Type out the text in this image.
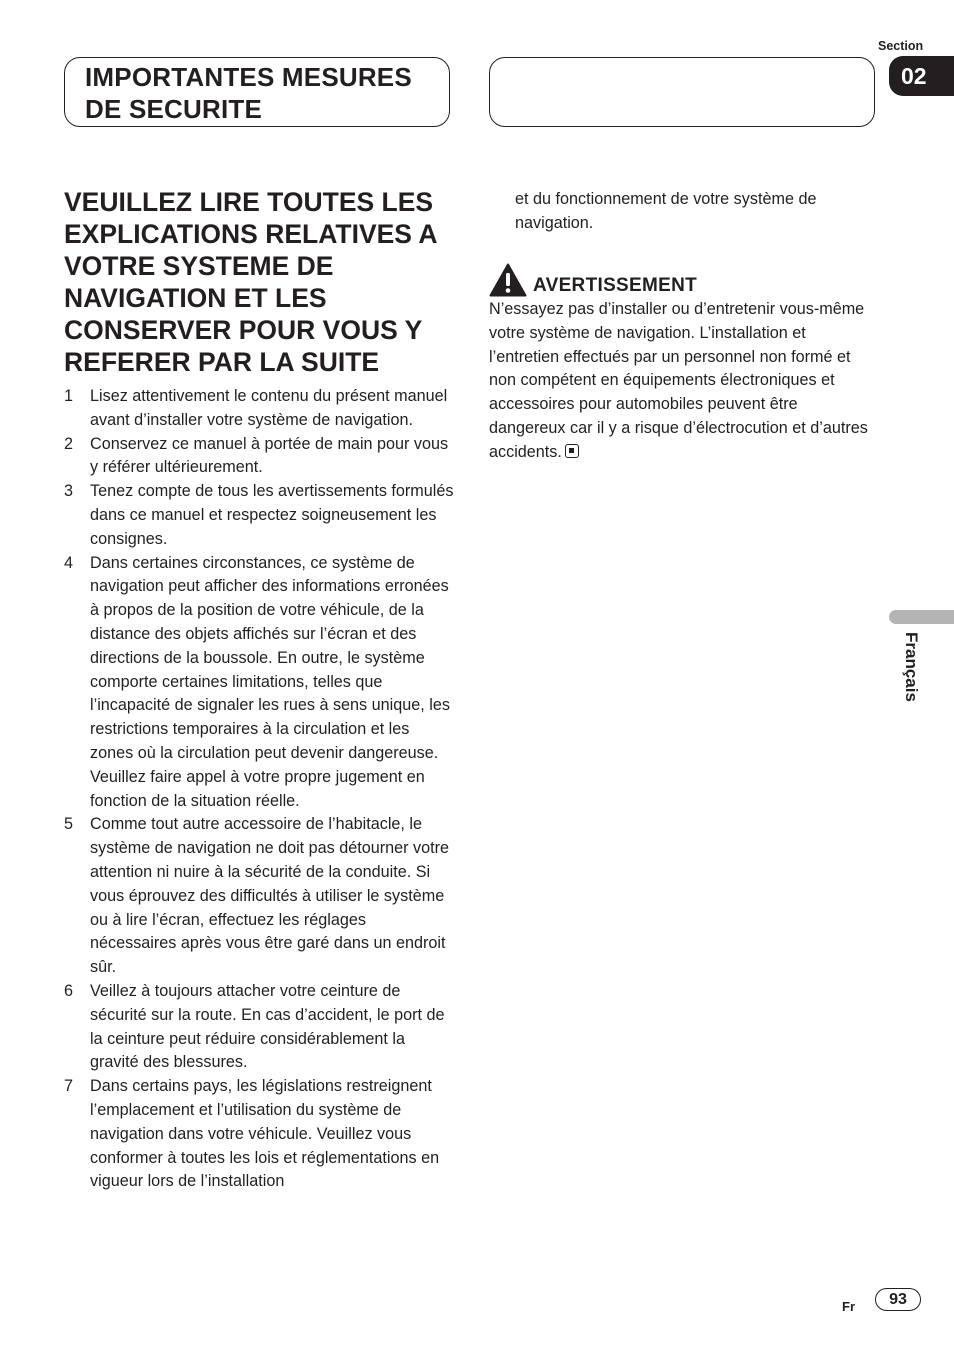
IMPORTANTES MESURES
DE SECURITE
Section
02
Français
VEUILLEZ LIRE TOUTES LES EXPLICATIONS RELATIVES A VOTRE SYSTEME DE NAVIGATION ET LES CONSERVER POUR VOUS Y REFERER PAR LA SUITE
1 Lisez attentivement le contenu du présent manuel avant d’installer votre système de navigation.
2 Conservez ce manuel à portée de main pour vous y référer ultérieurement.
3 Tenez compte de tous les avertissements formulés dans ce manuel et respectez soigneusement les consignes.
4 Dans certaines circonstances, ce système de navigation peut afficher des informations erronées à propos de la position de votre véhicule, de la distance des objets affichés sur l’écran et des directions de la boussole. En outre, le système comporte certaines limitations, telles que l’incapacité de signaler les rues à sens unique, les restrictions temporaires à la circulation et les zones où la circulation peut devenir dangereuse. Veuillez faire appel à votre propre jugement en fonction de la situation réelle.
5 Comme tout autre accessoire de l’habitacle, le système de navigation ne doit pas détourner votre attention ni nuire à la sécurité de la conduite. Si vous éprouvez des difficultés à utiliser le système ou à lire l’écran, effectuez les réglages nécessaires après vous être garé dans un endroit sûr.
6 Veillez à toujours attacher votre ceinture de sécurité sur la route. En cas d’accident, le port de la ceinture peut réduire considérablement la gravité des blessures.
7 Dans certains pays, les législations restreignent l’emplacement et l’utilisation du système de navigation dans votre véhicule. Veuillez vous conformer à toutes les lois et réglementations en vigueur lors de l’installation
et du fonctionnement de votre système de navigation.
AVERTISSEMENT

N’essayez pas d’installer ou d’entretenir vous-même votre système de navigation. L’installation et l’entretien effectués par un personnel non formé et non compétent en équipements électroniques et accessoires pour automobiles peuvent être dangereux car il y a risque d’électrocution et d’autres accidents.

Fr	93
